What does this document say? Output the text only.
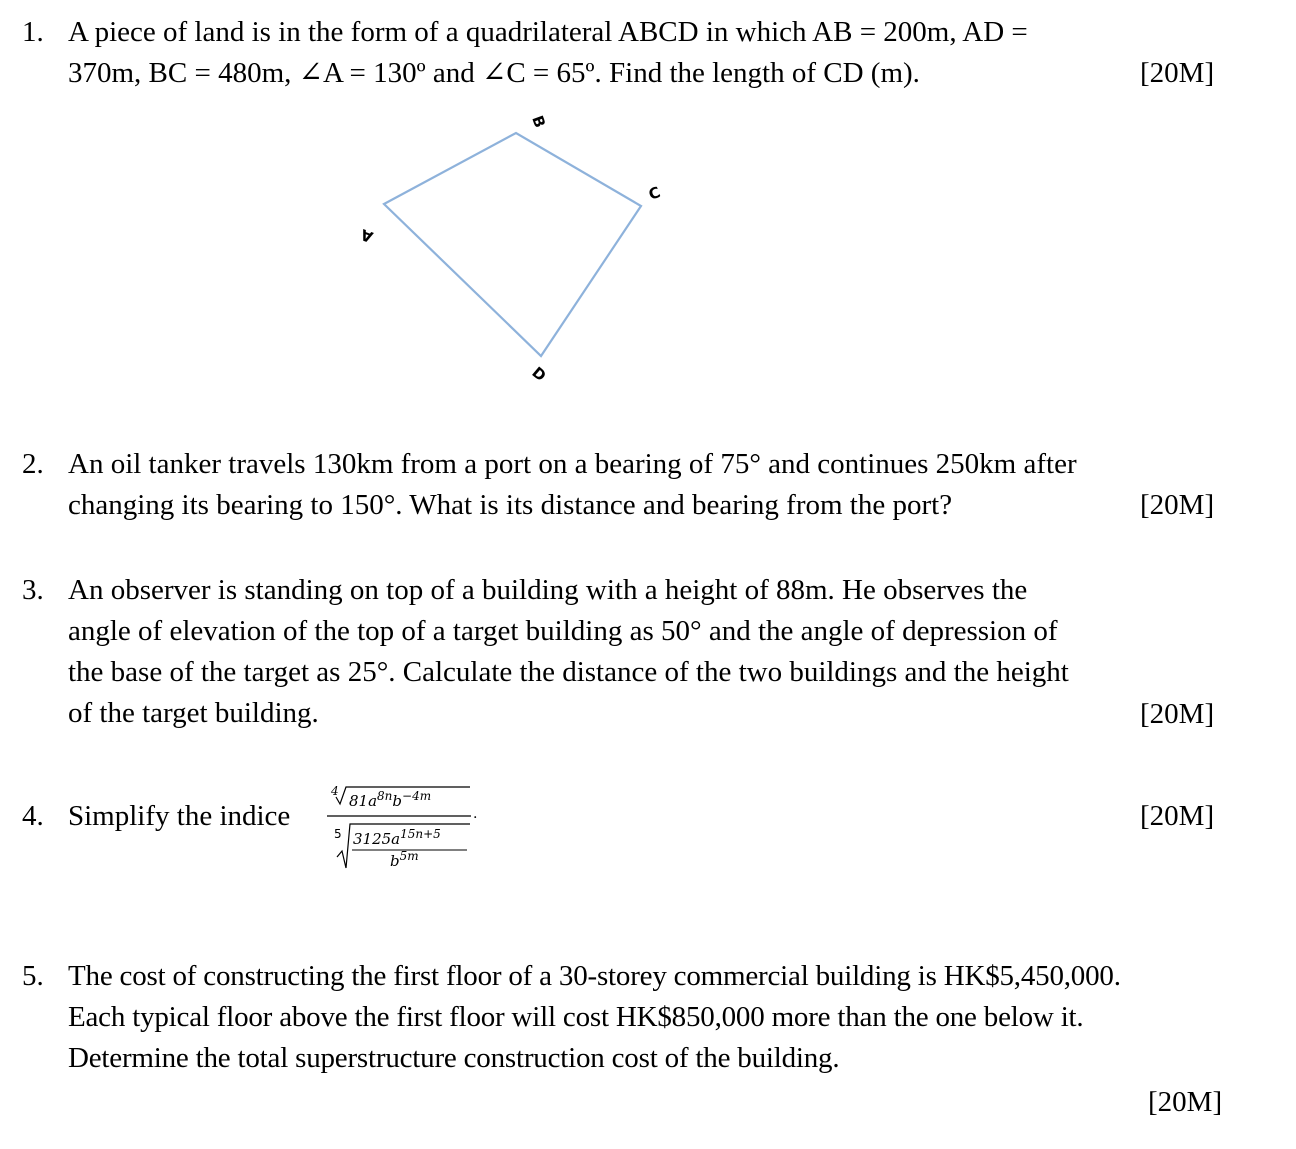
1. A piece of land is in the form of a quadrilateral ABCD in which AB = 200m, AD =
370m, BC = 480m, ∠A = 130º and ∠C = 65º. Find the length of CD (m).	[20M]
B
C
A
D
2. An oil tanker travels 130km from a port on a bearing of 75° and continues 250km after
changing its bearing to 150°. What is its distance and bearing from the port?	[20M]
3. An observer is standing on top of a building with a height of 88m. He observes the
angle of elevation of the top of a target building as 50° and the angle of depression of
the base of the target as 25°. Calculate the distance of the two buildings and the height
of the target building.	[20M]
4. Simplify the indice	[20M]
4
$81a^{8n}b^{-4m}$
.
5 $3125a^{15n+5}$
$b^{5m}$
5. The cost of constructing the first floor of a 30-storey commercial building is HK$5,450,000.
Each typical floor above the first floor will cost HK$850,000 more than the one below it.
Determine the total superstructure construction cost of the building.
[20M]
